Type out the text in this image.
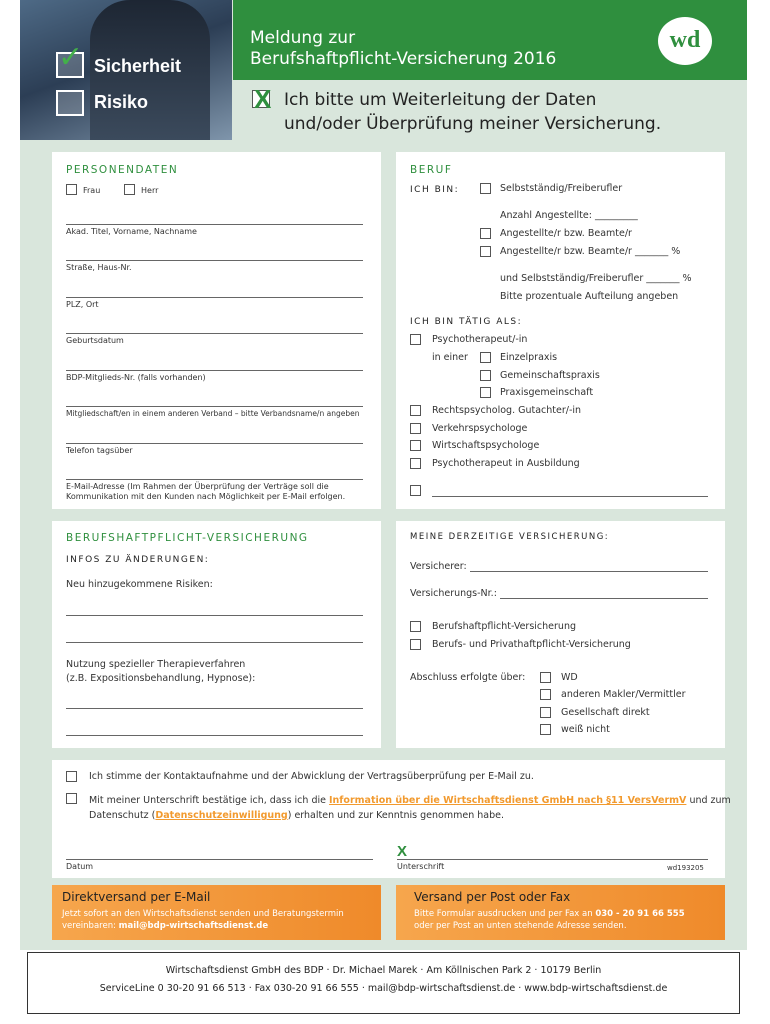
✓ Sicherheit
Risiko
Meldung zur
Berufshaftpflicht-Versicherung 2016
wd
X Ich bitte um Weiterleitung der Daten
und/oder Überprüfung meiner Versicherung.
PERSONENDATEN
Frau	Herr
Akad. Titel, Vorname, Nachname
Straße, Haus-Nr.
PLZ, Ort
Geburtsdatum
BDP-Mitglieds-Nr. (falls vorhanden)
Mitgliedschaft/en in einem anderen Verband – bitte Verbandsname/n angeben
Telefon tagsüber
E-Mail-Adresse (Im Rahmen der Überprüfung der Verträge soll die
Kommunikation mit den Kunden nach Möglichkeit per E-Mail erfolgen.
BERUF
ICH BIN:	Selbstständig/Freiberufler
Anzahl Angestellte: _________
Angestellte/r bzw. Beamte/r
Angestellte/r bzw. Beamte/r _______ %
und Selbstständig/Freiberufler _______ %
Bitte prozentuale Aufteilung angeben
ICH BIN TÄTIG ALS:
Psychotherapeut/-in
in einer	Einzelpraxis
Gemeinschaftspraxis
Praxisgemeinschaft
Rechtspsycholog. Gutachter/-in
Verkehrspsychologe
Wirtschaftspsychologe
Psychotherapeut in Ausbildung
BERUFSHAFTPFLICHT-VERSICHERUNG
INFOS ZU ÄNDERUNGEN:
Neu hinzugekommene Risiken:
Nutzung spezieller Therapieverfahren
(z.B. Expositionsbehandlung, Hypnose):
MEINE DERZEITIGE VERSICHERUNG:
Versicherer:
Versicherungs-Nr.:
Berufshaftpflicht-Versicherung
Berufs- und Privathaftpflicht-Versicherung
Abschluss erfolgte über:	WD
anderen Makler/Vermittler
Gesellschaft direkt
weiß nicht
Ich stimme der Kontaktaufnahme und der Abwicklung der Vertragsüberprüfung per E-Mail zu.
Mit meiner Unterschrift bestätige ich, dass ich die Information über die Wirtschaftsdienst GmbH nach §11 VersVermV und zum
Datenschutz (Datenschutzeinwilligung) erhalten und zur Kenntnis genommen habe.
Datum
X
Unterschrift	wd193205
Direktversand per E-Mail
Jetzt sofort an den Wirtschaftsdienst senden und Beratungstermin
vereinbaren: mail@bdp-wirtschaftsdienst.de
Versand per Post oder Fax
Bitte Formular ausdrucken und per Fax an 030 - 20 91 66 555
oder per Post an unten stehende Adresse senden.
Wirtschaftsdienst GmbH des BDP · Dr. Michael Marek · Am Köllnischen Park 2 · 10179 Berlin
ServiceLine 0 30-20 91 66 513 · Fax 030-20 91 66 555 · mail@bdp-wirtschaftsdienst.de · www.bdp-wirtschaftsdienst.de
